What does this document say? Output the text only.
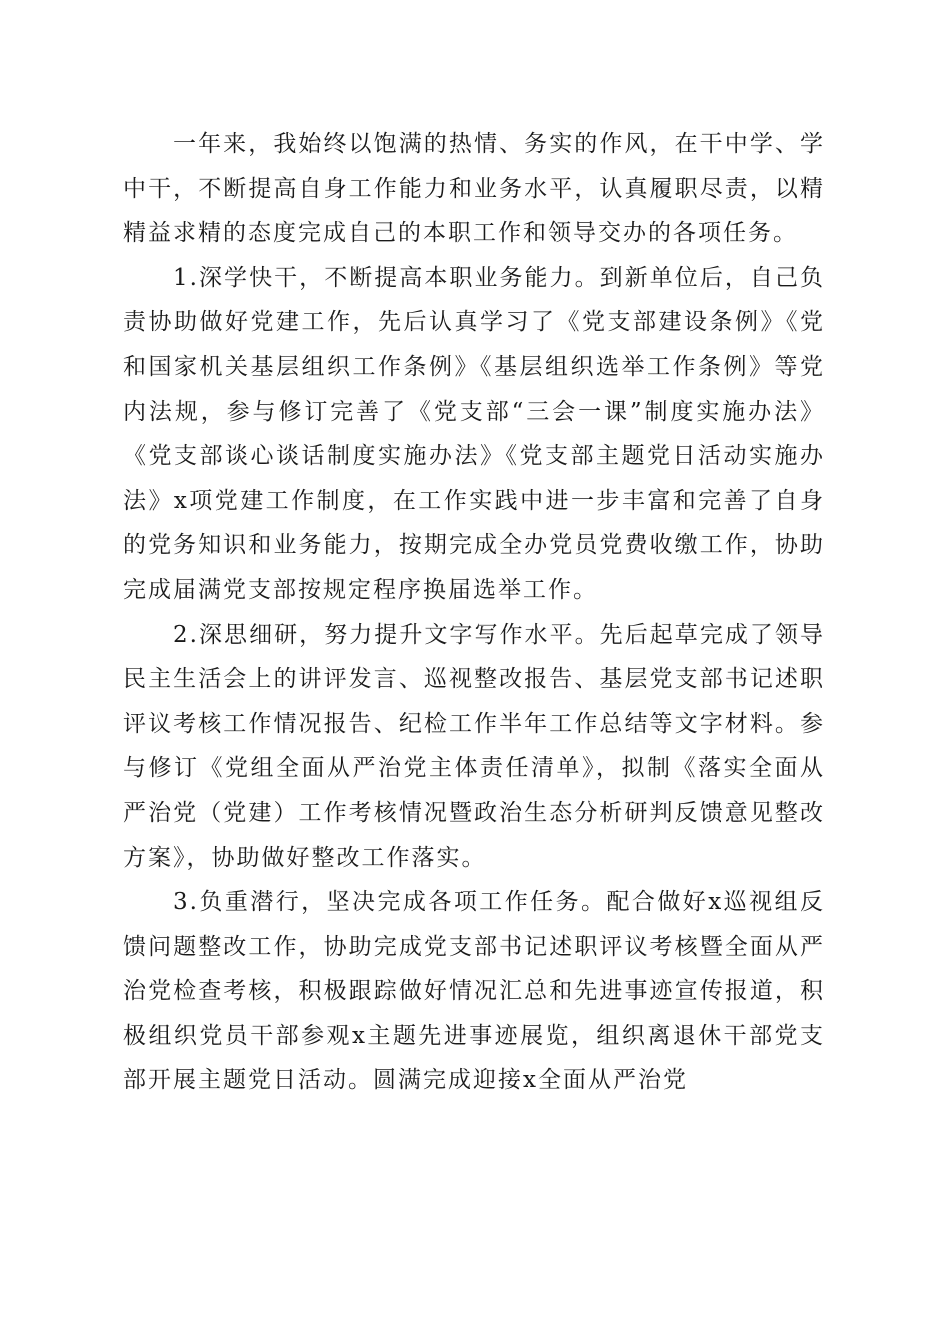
一年来，我始终以饱满的热情、务实的作风，在干中学、学中干，不断提高自身工作能力和业务水平，认真履职尽责，以精精益求精的态度完成自己的本职工作和领导交办的各项任务。

1.深学快干，不断提高本职业务能力。到新单位后，自己负责协助做好党建工作，先后认真学习了《党支部建设条例》《党和国家机关基层组织工作条例》《基层组织选举工作条例》等党内法规，参与修订完善了《党支部“三会一课”制度实施办法》《党支部谈心谈话制度实施办法》《党支部主题党日活动实施办法》x项党建工作制度，在工作实践中进一步丰富和完善了自身的党务知识和业务能力，按期完成全办党员党费收缴工作，协助完成届满党支部按规定程序换届选举工作。

2.深思细研，努力提升文字写作水平。先后起草完成了领导民主生活会上的讲评发言、巡视整改报告、基层党支部书记述职评议考核工作情况报告、纪检工作半年工作总结等文字材料。参与修订《党组全面从严治党主体责任清单》，拟制《落实全面从严治党（党建）工作考核情况暨政治生态分析研判反馈意见整改方案》，协助做好整改工作落实。

3.负重潜行，坚决完成各项工作任务。配合做好x巡视组反馈问题整改工作，协助完成党支部书记述职评议考核暨全面从严治党检查考核，积极跟踪做好情况汇总和先进事迹宣传报道，积极组织党员干部参观x主题先进事迹展览，组织离退休干部党支部开展主题党日活动。圆满完成迎接x全面从严治党
